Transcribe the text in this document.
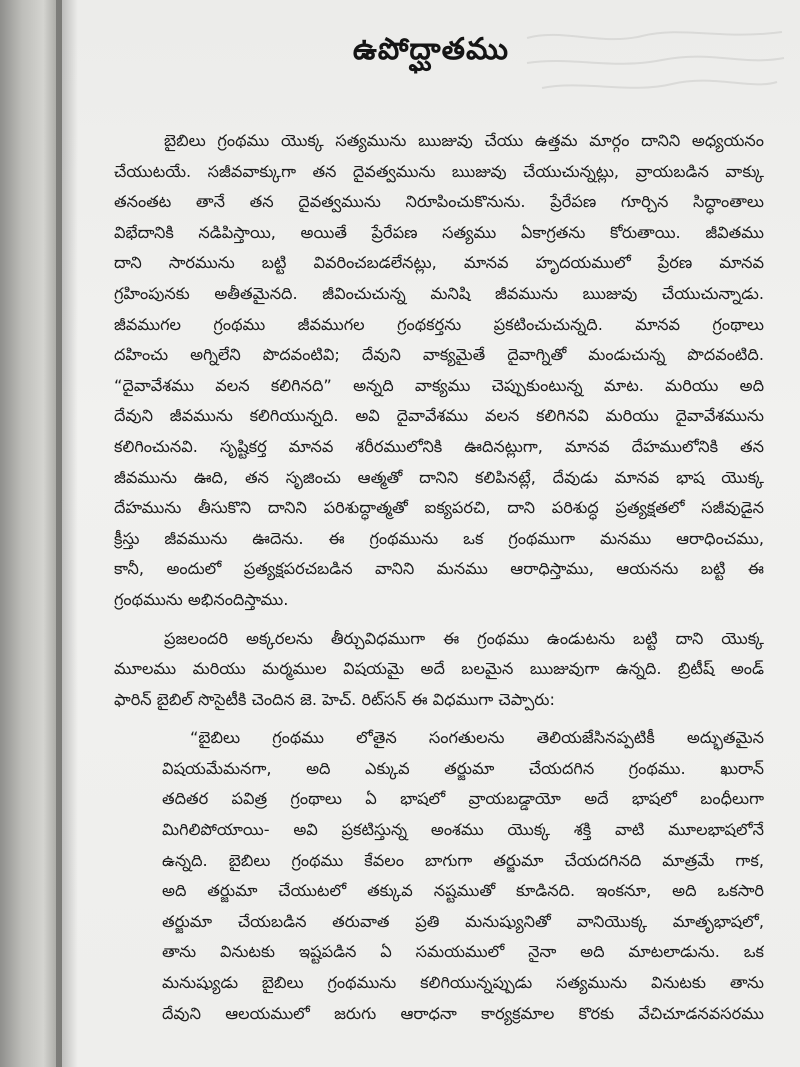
ఉపోద్ఘాతము
బైబిలు గ్రంథము యొక్క సత్యమును ఋజువు చేయు ఉత్తమ మార్గం దానిని అధ్యయనం
చేయుటయే. సజీవవాక్కుగా తన దైవత్వమును ఋజువు చేయుచున్నట్లు, వ్రాయబడిన వాక్కు
తనంతట తానే తన దైవత్వమును నిరూపించుకొనును. ప్రేరేపణ గూర్చిన సిద్ధాంతాలు
విభేదానికి నడిపిస్తాయి, అయితే ప్రేరేపణ సత్యము ఏకాగ్రతను కోరుతాయి. జీవితము
దాని సారమును బట్టి వివరించబడలేనట్లు, మానవ హృదయములో ప్రేరణ మానవ
గ్రహింపునకు అతీతమైనది. జీవించుచున్న మనిషి జీవమును ఋజువు చేయుచున్నాడు.
జీవముగల గ్రంథము జీవముగల గ్రంథకర్తను ప్రకటించుచున్నది. మానవ గ్రంథాలు
దహించు అగ్నిలేని పొదవంటివి; దేవుని వాక్యమైతే దైవాగ్నితో మండుచున్న పొదవంటిది.
“దైవావేశము వలన కలిగినది” అన్నది వాక్యము చెప్పుకుంటున్న మాట. మరియు అది
దేవుని జీవమును కలిగియున్నది. అవి దైవావేశము వలన కలిగినవి మరియు దైవావేశమును
కలిగించునవి. సృష్టికర్త మానవ శరీరములోనికి ఊదినట్లుగా, మానవ దేహములోనికి తన
జీవమును ఊది, తన సృజించు ఆత్మతో దానిని కలిపినట్లే, దేవుడు మానవ భాష యొక్క
దేహమును తీసుకొని దానిని పరిశుద్ధాత్మతో ఐక్యపరచి, దాని పరిశుద్ధ ప్రత్యక్షతలో సజీవుడైన
క్రీస్తు జీవమును ఊదెను. ఈ గ్రంథమును ఒక గ్రంథముగా మనము ఆరాధించము,
కానీ, అందులో ప్రత్యక్షపరచబడిన వానిని మనము ఆరాధిస్తాము, ఆయనను బట్టి ఈ
గ్రంథమును అభినందిస్తాము.
ప్రజలందరి అక్కరలను తీర్చువిధముగా ఈ గ్రంథము ఉండుటను బట్టి దాని యొక్క
మూలము మరియు మర్మముల విషయమై అదే బలమైన ఋజువుగా ఉన్నది. బ్రిటీష్ అండ్
ఫారిన్ బైబిల్ సొసైటీకి చెందిన జె. హెచ్. రిట్‌సన్ ఈ విధముగా చెప్పారు:
“బైబిలు గ్రంథము లోతైన సంగతులను తెలియజేసినప్పటికీ అద్భుతమైన
విషయమేమనగా, అది ఎక్కువ తర్జుమా చేయదగిన గ్రంథము. ఖురాన్
తదితర పవిత్ర గ్రంథాలు ఏ భాషలో వ్రాయబడ్డాయో అదే భాషలో బంధీలుగా
మిగిలిపోయాయి- అవి ప్రకటిస్తున్న అంశము యొక్క శక్తి వాటి మూలభాషలోనే
ఉన్నది. బైబిలు గ్రంథము కేవలం బాగుగా తర్జుమా చేయదగినది మాత్రమే గాక,
అది తర్జుమా చేయుటలో తక్కువ నష్టముతో కూడినది. ఇంకనూ, అది ఒకసారి
తర్జుమా చేయబడిన తరువాత ప్రతి మనుష్యునితో వానియొక్క మాతృభాషలో,
తాను వినుటకు ఇష్టపడిన ఏ సమయములో నైనా అది మాటలాడును. ఒక
మనుష్యుడు బైబిలు గ్రంథమును కలిగియున్నప్పుడు సత్యమును వినుటకు తాను
దేవుని ఆలయములో జరుగు ఆరాధనా కార్యక్రమాల కొరకు వేచిచూడనవసరము
